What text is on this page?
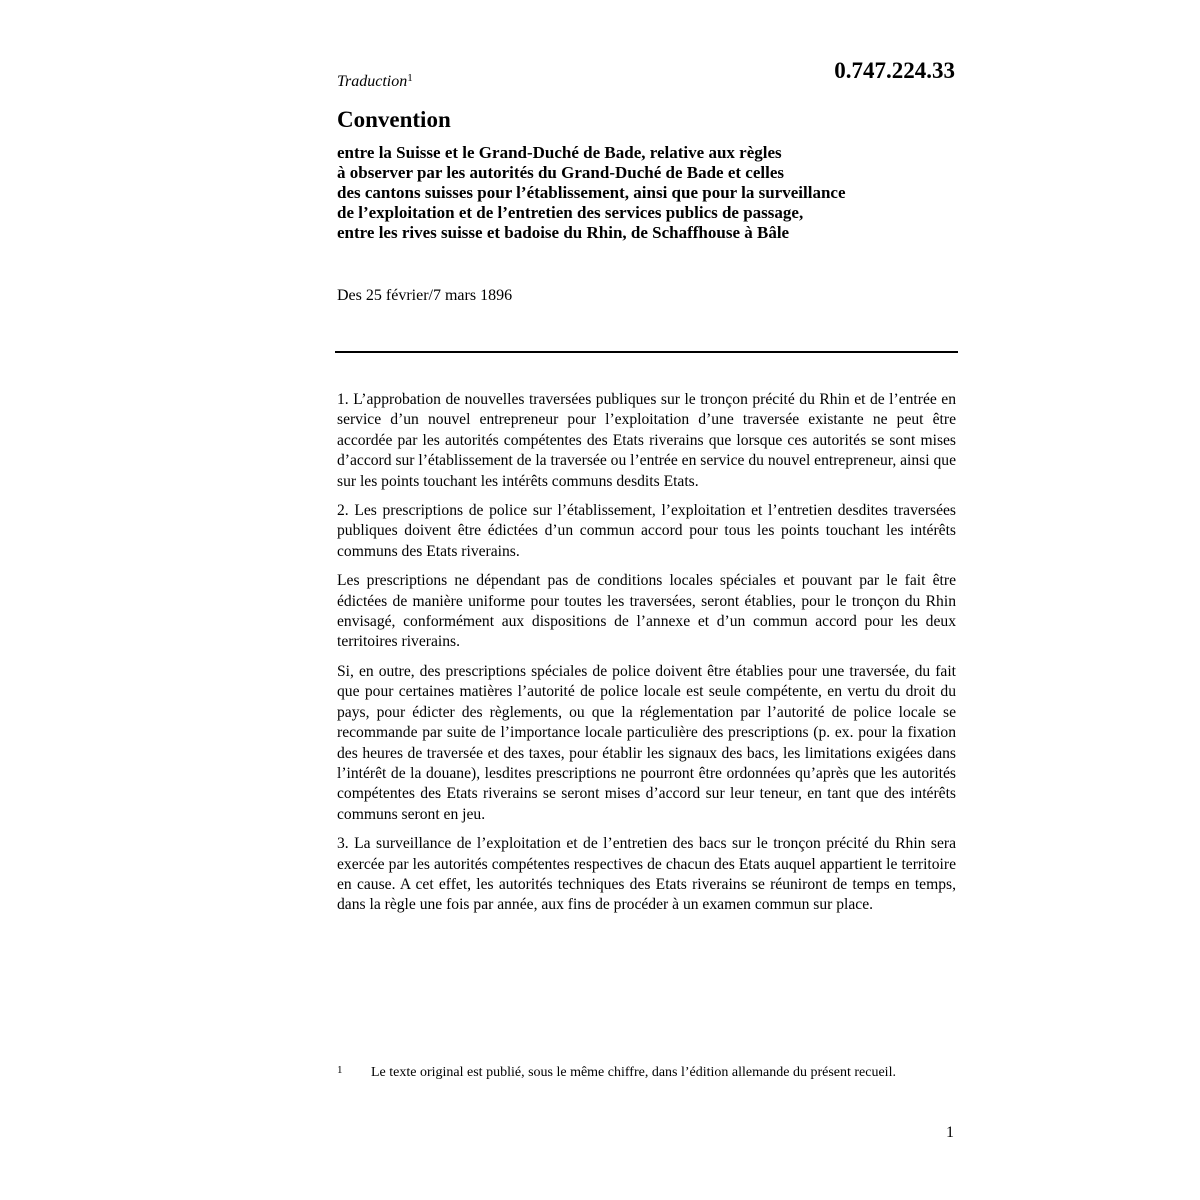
Traduction$^1$	0.747.224.33
Convention
entre la Suisse et le Grand-Duché de Bade, relative aux règles
à observer par les autorités du Grand-Duché de Bade et celles
des cantons suisses pour l’établissement, ainsi que pour la surveillance
de l’exploitation et de l’entretien des services publics de passage,
entre les rives suisse et badoise du Rhin, de Schaffhouse à Bâle
Des 25 février/7 mars 1896

1. L’approbation de nouvelles traversées publiques sur le tronçon précité du Rhin et de l’entrée en service d’un nouvel entrepreneur pour l’exploitation d’une traversée existante ne peut être accordée par les autorités compétentes des Etats riverains que lorsque ces autorités se sont mises d’accord sur l’établissement de la traversée ou l’entrée en service du nouvel entrepreneur, ainsi que sur les points touchant les intérêts communs desdits Etats.

2. Les prescriptions de police sur l’établissement, l’exploitation et l’entretien desdites traversées publiques doivent être édictées d’un commun accord pour tous les points touchant les intérêts communs des Etats riverains.

Les prescriptions ne dépendant pas de conditions locales spéciales et pouvant par le fait être édictées de manière uniforme pour toutes les traversées, seront établies, pour le tronçon du Rhin envisagé, conformément aux dispositions de l’annexe et d’un commun accord pour les deux territoires riverains.

Si, en outre, des prescriptions spéciales de police doivent être établies pour une traversée, du fait que pour certaines matières l’autorité de police locale est seule compétente, en vertu du droit du pays, pour édicter des règlements, ou que la réglementation par l’autorité de police locale se recommande par suite de l’importance locale particulière des prescriptions (p. ex. pour la fixation des heures de traversée et des taxes, pour établir les signaux des bacs, les limitations exigées dans l’intérêt de la douane), lesdites prescriptions ne pourront être ordonnées qu’après que les autorités compétentes des Etats riverains se seront mises d’accord sur leur teneur, en tant que des intérêts communs seront en jeu.

3. La surveillance de l’exploitation et de l’entretien des bacs sur le tronçon précité du Rhin sera exercée par les autorités compétentes respectives de chacun des Etats auquel appartient le territoire en cause. A cet effet, les autorités techniques des Etats riverains se réuniront de temps en temps, dans la règle une fois par année, aux fins de procéder à un examen commun sur place.

1 Le texte original est publié, sous le même chiffre, dans l’édition allemande du présent recueil.
1
